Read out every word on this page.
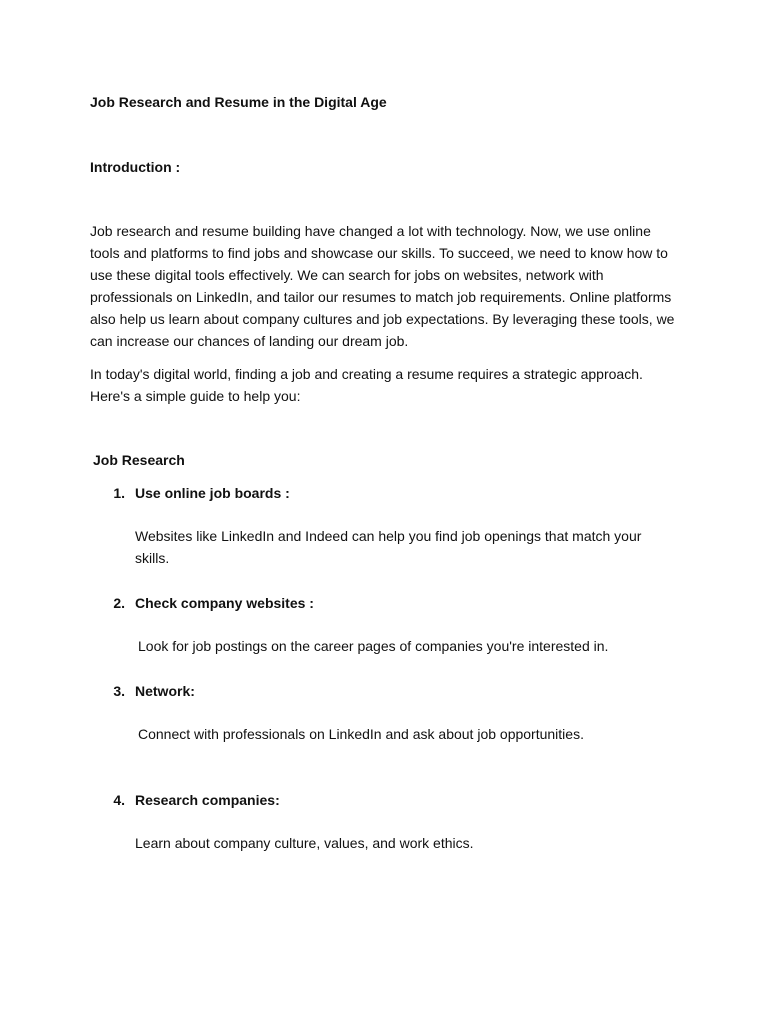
Job Research and Resume in the Digital Age

Introduction :

Job research and resume building have changed a lot with technology. Now, we use online tools and platforms to find jobs and showcase our skills. To succeed, we need to know how to use these digital tools effectively. We can search for jobs on websites, network with professionals on LinkedIn, and tailor our resumes to match job requirements. Online platforms also help us learn about company cultures and job expectations. By leveraging these tools, we can increase our chances of landing our dream job.

In today's digital world, finding a job and creating a resume requires a strategic approach. Here's a simple guide to help you:

Job Research

1. Use online job boards :

Websites like LinkedIn and Indeed can help you find job openings that match your skills.

2. Check company websites :

Look for job postings on the career pages of companies you're interested in.

3. Network:

Connect with professionals on LinkedIn and ask about job opportunities.

4. Research companies:

Learn about company culture, values, and work ethics.
